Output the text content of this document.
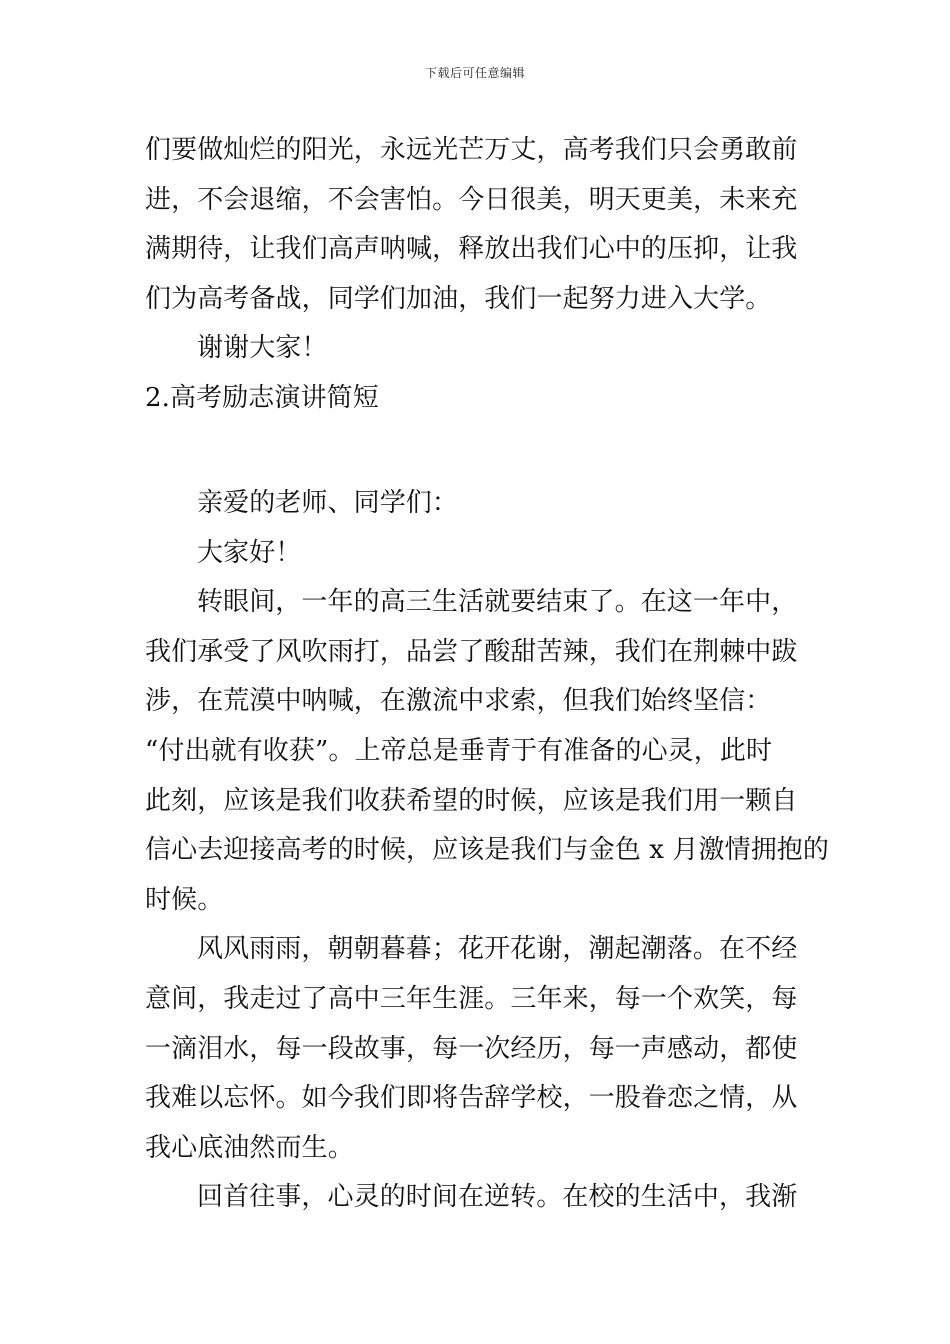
下载后可任意编辑
们要做灿烂的阳光，永远光芒万丈，高考我们只会勇敢前
进，不会退缩，不会害怕。今日很美，明天更美，未来充
满期待，让我们高声呐喊，释放出我们心中的压抑，让我
们为高考备战，同学们加油，我们一起努力进入大学。
谢谢大家！
2.高考励志演讲简短
亲爱的老师、同学们：
大家好！
转眼间，一年的高三生活就要结束了。在这一年中，
我们承受了风吹雨打，品尝了酸甜苦辣，我们在荆棘中跋
涉，在荒漠中呐喊，在激流中求索，但我们始终坚信：
“付出就有收获”。上帝总是垂青于有准备的心灵，此时
此刻，应该是我们收获希望的时候，应该是我们用一颗自
信心去迎接高考的时候，应该是我们与金色 x 月激情拥抱的
时候。
风风雨雨，朝朝暮暮；花开花谢，潮起潮落。在不经
意间，我走过了高中三年生涯。三年来，每一个欢笑，每
一滴泪水，每一段故事，每一次经历，每一声感动，都使
我难以忘怀。如今我们即将告辞学校，一股眷恋之情，从
我心底油然而生。
回首往事，心灵的时间在逆转。在校的生活中，我渐
